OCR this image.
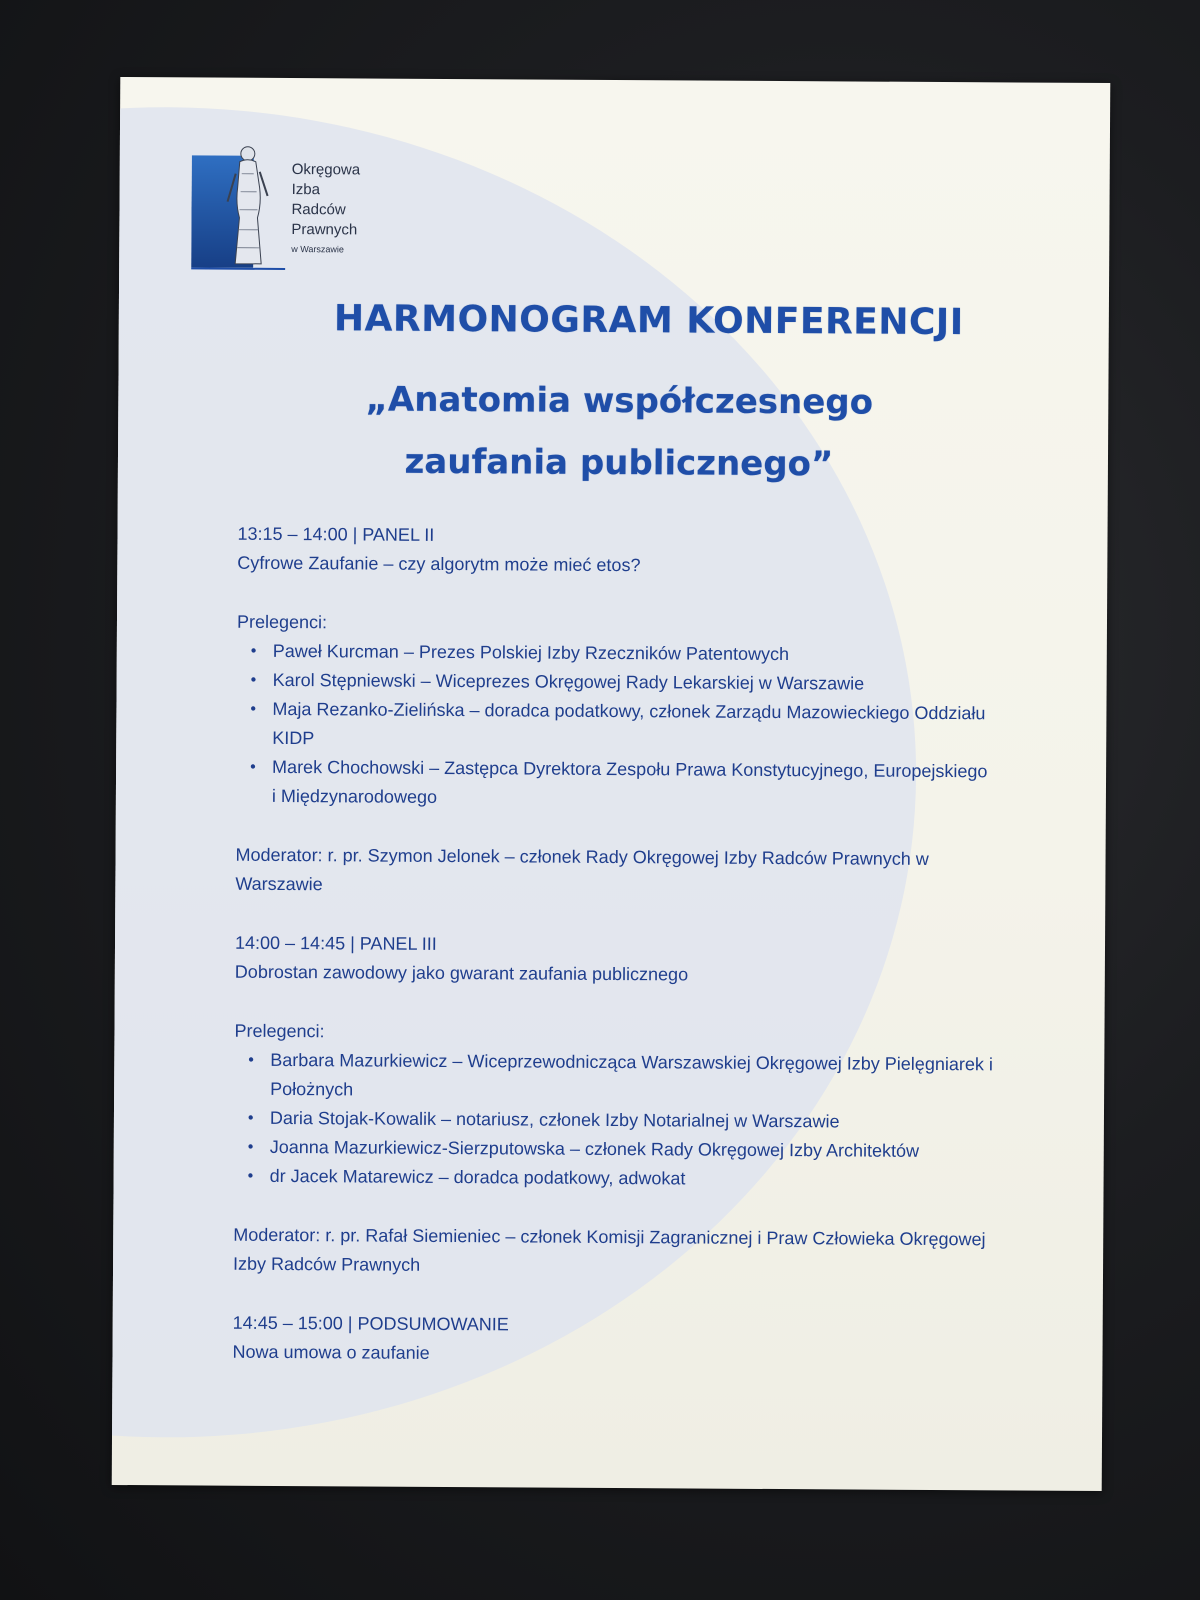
Okręgowa
Izba
Radców
Prawnych
w Warszawie
HARMONOGRAM KONFERENCJI
„Anatomia współczesnego
zaufania publicznego”

13:15 – 14:00 | PANEL II

Cyfrowe Zaufanie – czy algorytm może mieć etos?

Prelegenci:

• Paweł Kurcman – Prezes Polskiej Izby Rzeczników Patentowych
• Karol Stępniewski – Wiceprezes Okręgowej Rady Lekarskiej w Warszawie
• Maja Rezanko-Zielińska – doradca podatkowy, członek Zarządu Mazowieckiego Oddziału KIDP
• Marek Chochowski – Zastępca Dyrektora Zespołu Prawa Konstytucyjnego, Europejskiego i Międzynarodowego

Moderator: r. pr. Szymon Jelonek – członek Rady Okręgowej Izby Radców Prawnych w Warszawie

14:00 – 14:45 | PANEL III

Dobrostan zawodowy jako gwarant zaufania publicznego

Prelegenci:

• Barbara Mazurkiewicz – Wiceprzewodnicząca Warszawskiej Okręgowej Izby Pielęgniarek i Położnych
• Daria Stojak-Kowalik – notariusz, członek Izby Notarialnej w Warszawie
• Joanna Mazurkiewicz-Sierzputowska – członek Rady Okręgowej Izby Architektów
• dr Jacek Matarewicz – doradca podatkowy, adwokat

Moderator: r. pr. Rafał Siemieniec – członek Komisji Zagranicznej i Praw Człowieka Okręgowej Izby Radców Prawnych

14:45 – 15:00 | PODSUMOWANIE

Nowa umowa o zaufanie
